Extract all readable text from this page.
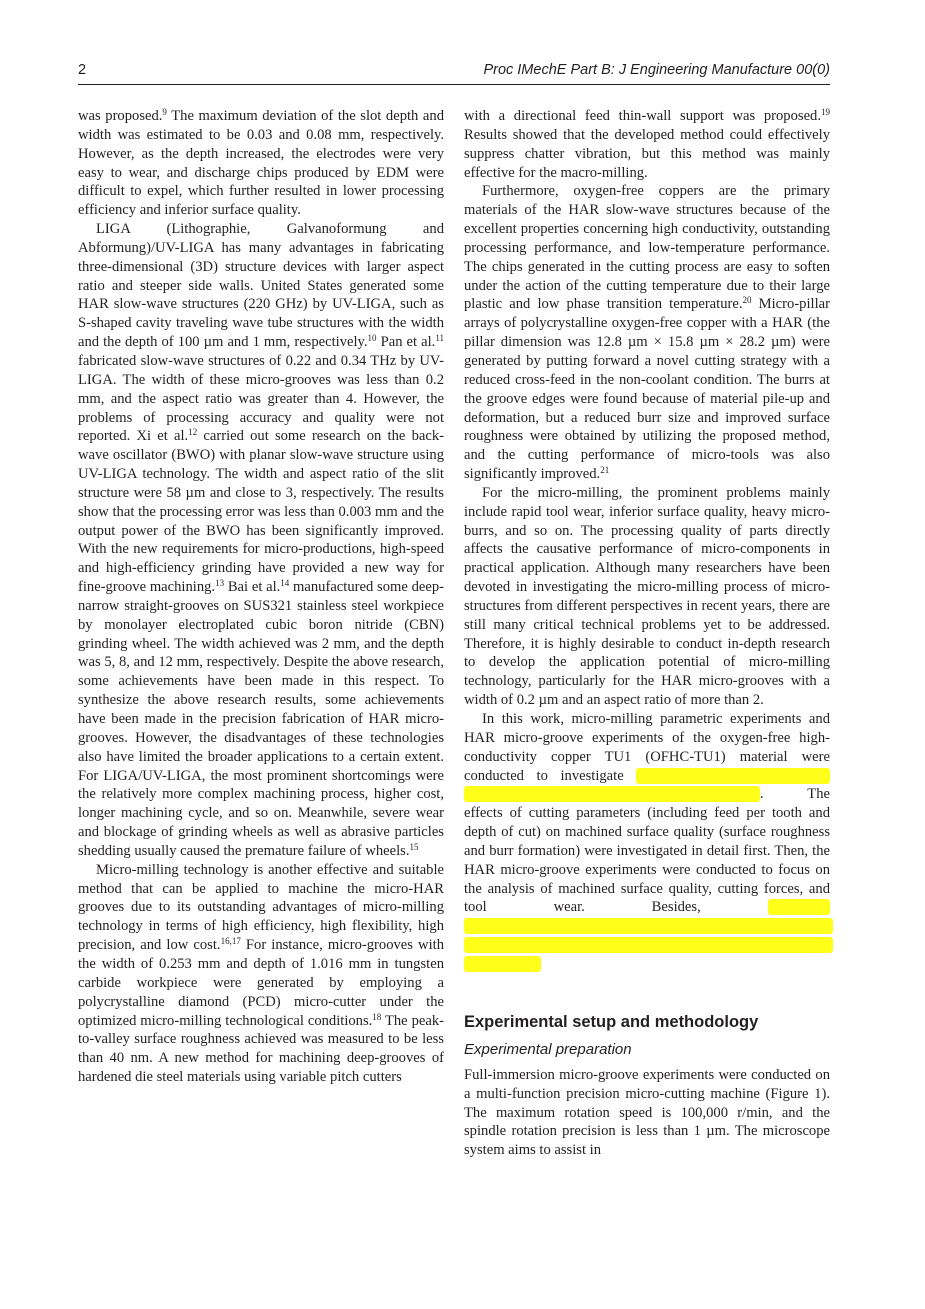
2	Proc IMechE Part B: J Engineering Manufacture 00(0)

was proposed.$^9$ The maximum deviation of the slot depth and width was estimated to be 0.03 and 0.08 mm, respectively. However, as the depth increased, the electrodes were very easy to wear, and discharge chips produced by EDM were difficult to expel, which further resulted in lower processing efficiency and inferior surface quality.

LIGA (Lithographie, Galvanoformung and Abformung)/UV-LIGA has many advantages in fabricating three-dimensional (3D) structure devices with larger aspect ratio and steeper side walls. United States generated some HAR slow-wave structures (220 GHz) by UV-LIGA, such as S-shaped cavity traveling wave tube structures with the width and the depth of 100 µm and 1 mm, respectively.$^{10}$ Pan et al.$^{11}$ fabricated slow-wave structures of 0.22 and 0.34 THz by UV-LIGA. The width of these micro-grooves was less than 0.2 mm, and the aspect ratio was greater than 4. However, the problems of processing accuracy and quality were not reported. Xi et al.$^{12}$ carried out some research on the back-wave oscillator (BWO) with planar slow-wave structure using UV-LIGA technology. The width and aspect ratio of the slit structure were 58 µm and close to 3, respectively. The results show that the processing error was less than 0.003 mm and the output power of the BWO has been significantly improved. With the new requirements for micro-productions, high-speed and high-efficiency grinding have provided a new way for fine-groove machining.$^{13}$ Bai et al.$^{14}$ manufactured some deep-narrow straight-grooves on SUS321 stainless steel workpiece by monolayer electroplated cubic boron nitride (CBN) grinding wheel. The width achieved was 2 mm, and the depth was 5, 8, and 12 mm, respectively. Despite the above research, some achievements have been made in this respect. To synthesize the above research results, some achievements have been made in the precision fabrication of HAR micro-grooves. However, the disadvantages of these technologies also have limited the broader applications to a certain extent. For LIGA/UV-LIGA, the most prominent shortcomings were the relatively more complex machining process, higher cost, longer machining cycle, and so on. Meanwhile, severe wear and blockage of grinding wheels as well as abrasive particles shedding usually caused the premature failure of wheels.$^{15}$

Micro-milling technology is another effective and suitable method that can be applied to machine the micro-HAR grooves due to its outstanding advantages of micro-milling technology in terms of high efficiency, high flexibility, high precision, and low cost.$^{16,17}$ For instance, micro-grooves with the width of 0.253 mm and depth of 1.016 mm in tungsten carbide workpiece were generated by employing a polycrystalline diamond (PCD) micro-cutter under the optimized micro-milling technological conditions.$^{18}$ The peak-to-valley surface roughness achieved was measured to be less than 40 nm. A new method for machining deep-grooves of hardened die steel materials using variable pitch cutters

with a directional feed thin-wall support was proposed.$^{19}$ Results showed that the developed method could effectively suppress chatter vibration, but this method was mainly effective for the macro-milling.

Furthermore, oxygen-free coppers are the primary materials of the HAR slow-wave structures because of the excellent properties concerning high conductivity, outstanding processing performance, and low-temperature performance. The chips generated in the cutting process are easy to soften under the action of the cutting temperature due to their large plastic and low phase transition temperature.$^{20}$ Micro-pillar arrays of polycrystalline oxygen-free copper with a HAR (the pillar dimension was 12.8 µm × 15.8 µm × 28.2 µm) were generated by putting forward a novel cutting strategy with a reduced cross-feed in the non-coolant condition. The burrs at the groove edges were found because of material pile-up and deformation, but a reduced burr size and improved surface roughness were obtained by utilizing the proposed method, and the cutting performance of micro-tools was also significantly improved.$^{21}$

For the micro-milling, the prominent problems mainly include rapid tool wear, inferior surface quality, heavy micro-burrs, and so on. The processing quality of parts directly affects the causative performance of micro-components in practical application. Although many researchers have been devoted in investigating the micro-milling process of micro-structures from different perspectives in recent years, there are still many critical technical problems yet to be addressed. Therefore, it is highly desirable to conduct in-depth research to develop the application potential of micro-milling technology, particularly for the HAR micro-grooves with a width of 0.2 µm and an aspect ratio of more than 2.

In this work, micro-milling parametric experiments and HAR micro-groove experiments of the oxygen-free high-conductivity copper TU1 (OFHC-TU1) material were conducted to investigate . The effects of cutting parameters (including feed per tooth and depth of cut) on machined surface quality (surface roughness and burr formation) were investigated in detail first. Then, the HAR micro-groove experiments were conducted to focus on the analysis of machined surface quality, cutting forces, and tool wear. Besides,

Experimental setup and methodology
Experimental preparation

Full-immersion micro-groove experiments were conducted on a multi-function precision micro-cutting machine (Figure 1). The maximum rotation speed is 100,000 r/min, and the spindle rotation precision is less than 1 µm. The microscope system aims to assist in
